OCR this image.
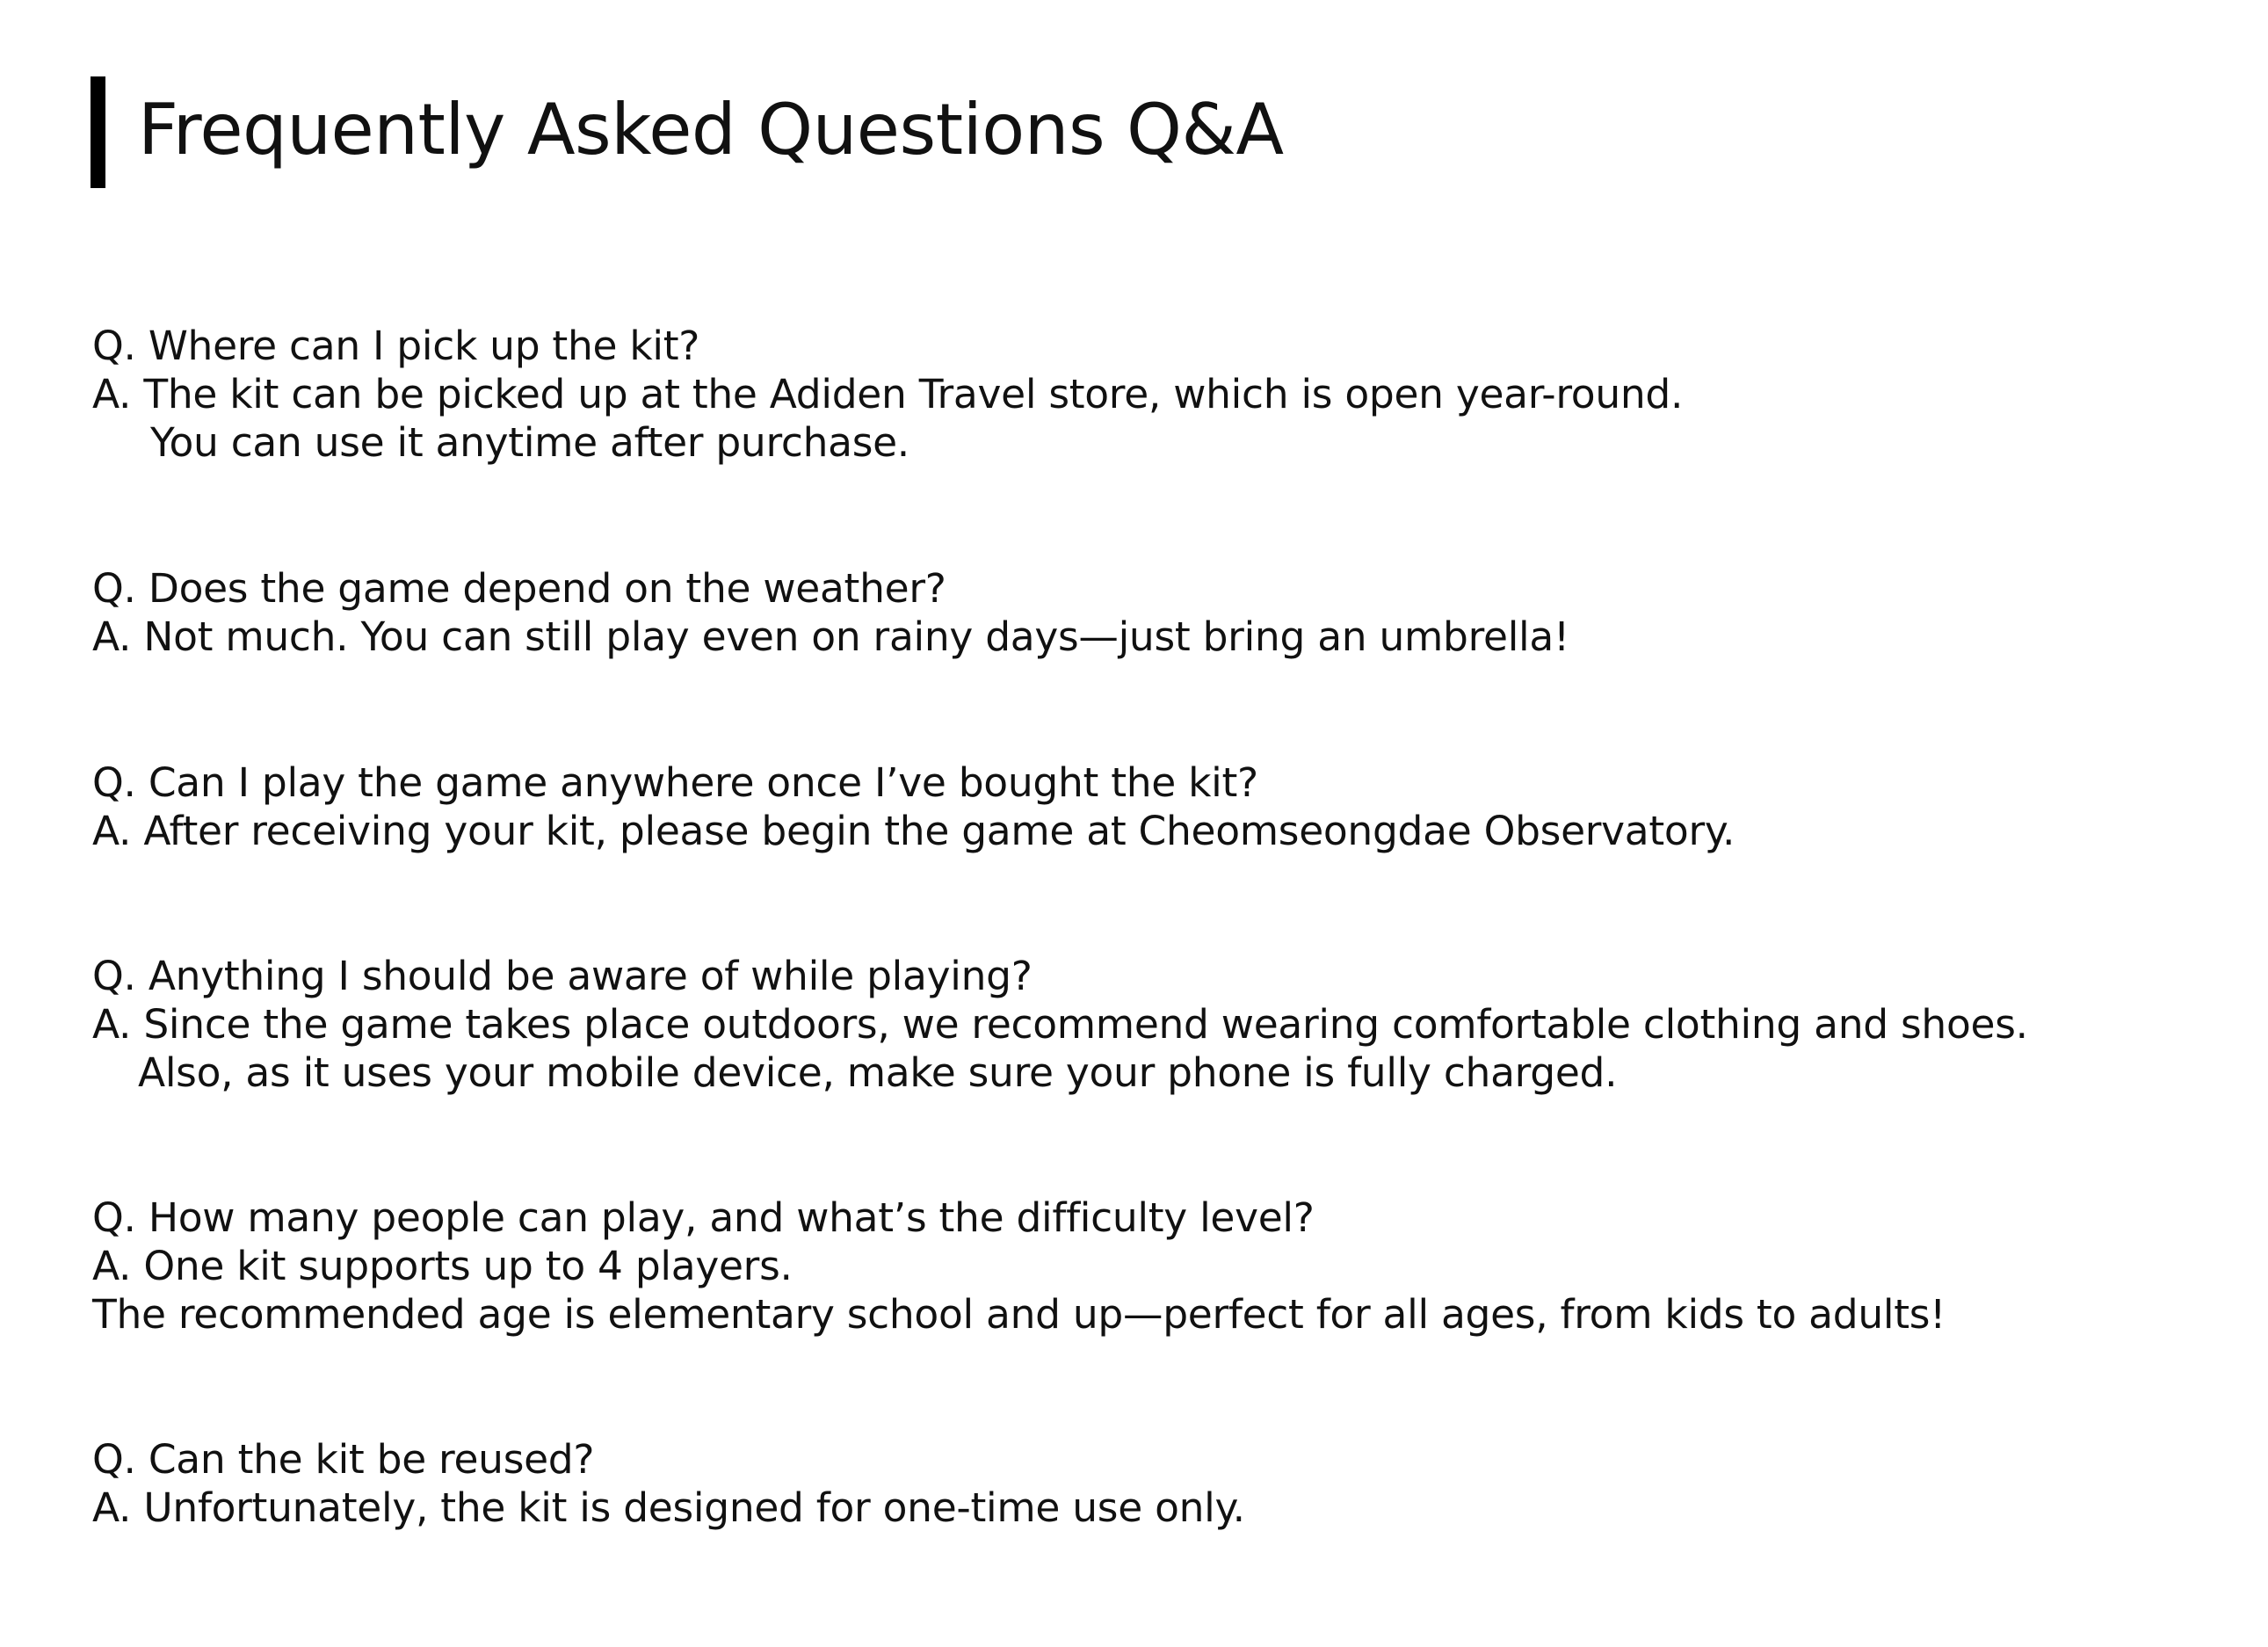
Frequently Asked Questions Q&A

Q. Where can I pick up the kit?

A. The kit can be picked up at the Adiden Travel store, which is open year-round.

You can use it anytime after purchase.

Q. Does the game depend on the weather?

A. Not much. You can still play even on rainy days—just bring an umbrella!

Q. Can I play the game anywhere once I’ve bought the kit?

A. After receiving your kit, please begin the game at Cheomseongdae Observatory.

Q. Anything I should be aware of while playing?

A. Since the game takes place outdoors, we recommend wearing comfortable clothing and shoes.

Also, as it uses your mobile device, make sure your phone is fully charged.

Q. How many people can play, and what’s the difficulty level?

A. One kit supports up to 4 players.

The recommended age is elementary school and up—perfect for all ages, from kids to adults!

Q. Can the kit be reused?

A. Unfortunately, the kit is designed for one-time use only.
